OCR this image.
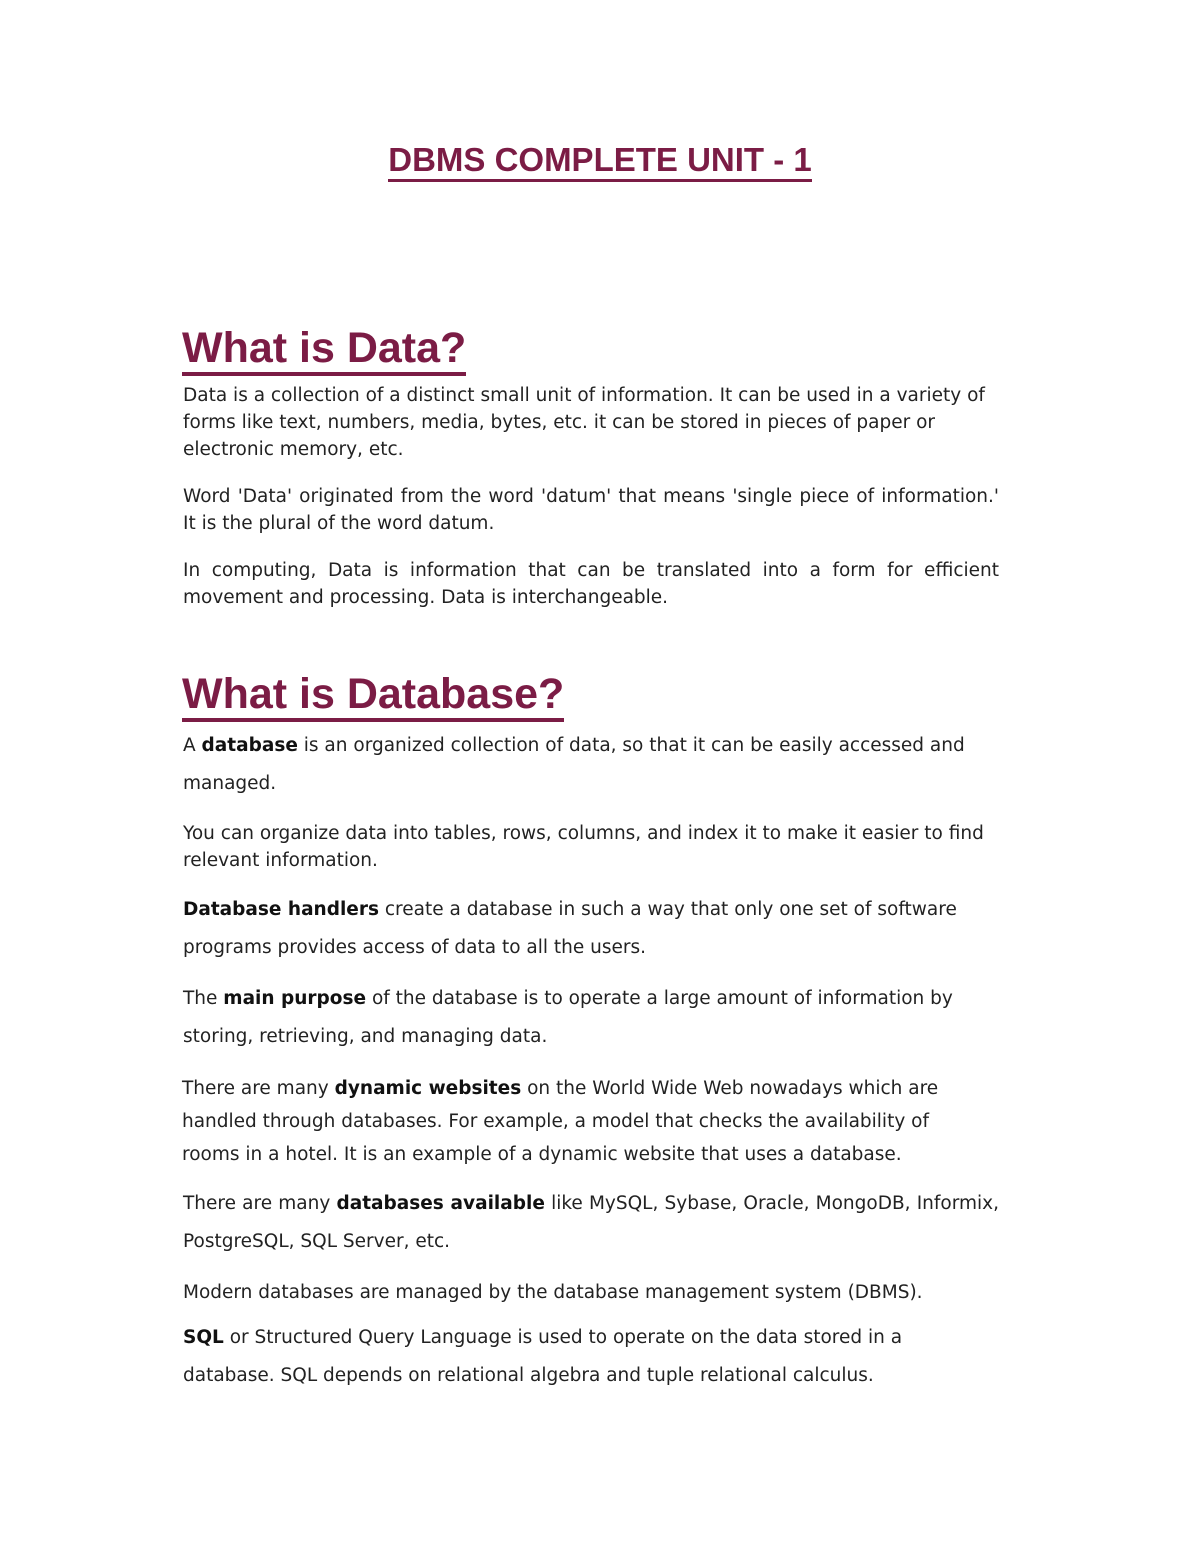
DBMS COMPLETE UNIT - 1
What is Data?

Data is a collection of a distinct small unit of information. It can be used in a variety of forms like text, numbers, media, bytes, etc. it can be stored in pieces of paper or electronic memory, etc.

Word 'Data' originated from the word 'datum' that means 'single piece of information.' It is the plural of the word datum.

In computing, Data is information that can be translated into a form for efficient movement and processing. Data is interchangeable.

What is Database?

A database is an organized collection of data, so that it can be easily accessed and managed.

You can organize data into tables, rows, columns, and index it to make it easier to find relevant information.

Database handlers create a database in such a way that only one set of software programs provides access of data to all the users.

The main purpose of the database is to operate a large amount of information by storing, retrieving, and managing data.

There are many dynamic websites on the World Wide Web nowadays which are handled through databases. For example, a model that checks the availability of rooms in a hotel. It is an example of a dynamic website that uses a database.

There are many databases available like MySQL, Sybase, Oracle, MongoDB, Informix, PostgreSQL, SQL Server, etc.

Modern databases are managed by the database management system (DBMS).

SQL or Structured Query Language is used to operate on the data stored in a database. SQL depends on relational algebra and tuple relational calculus.
